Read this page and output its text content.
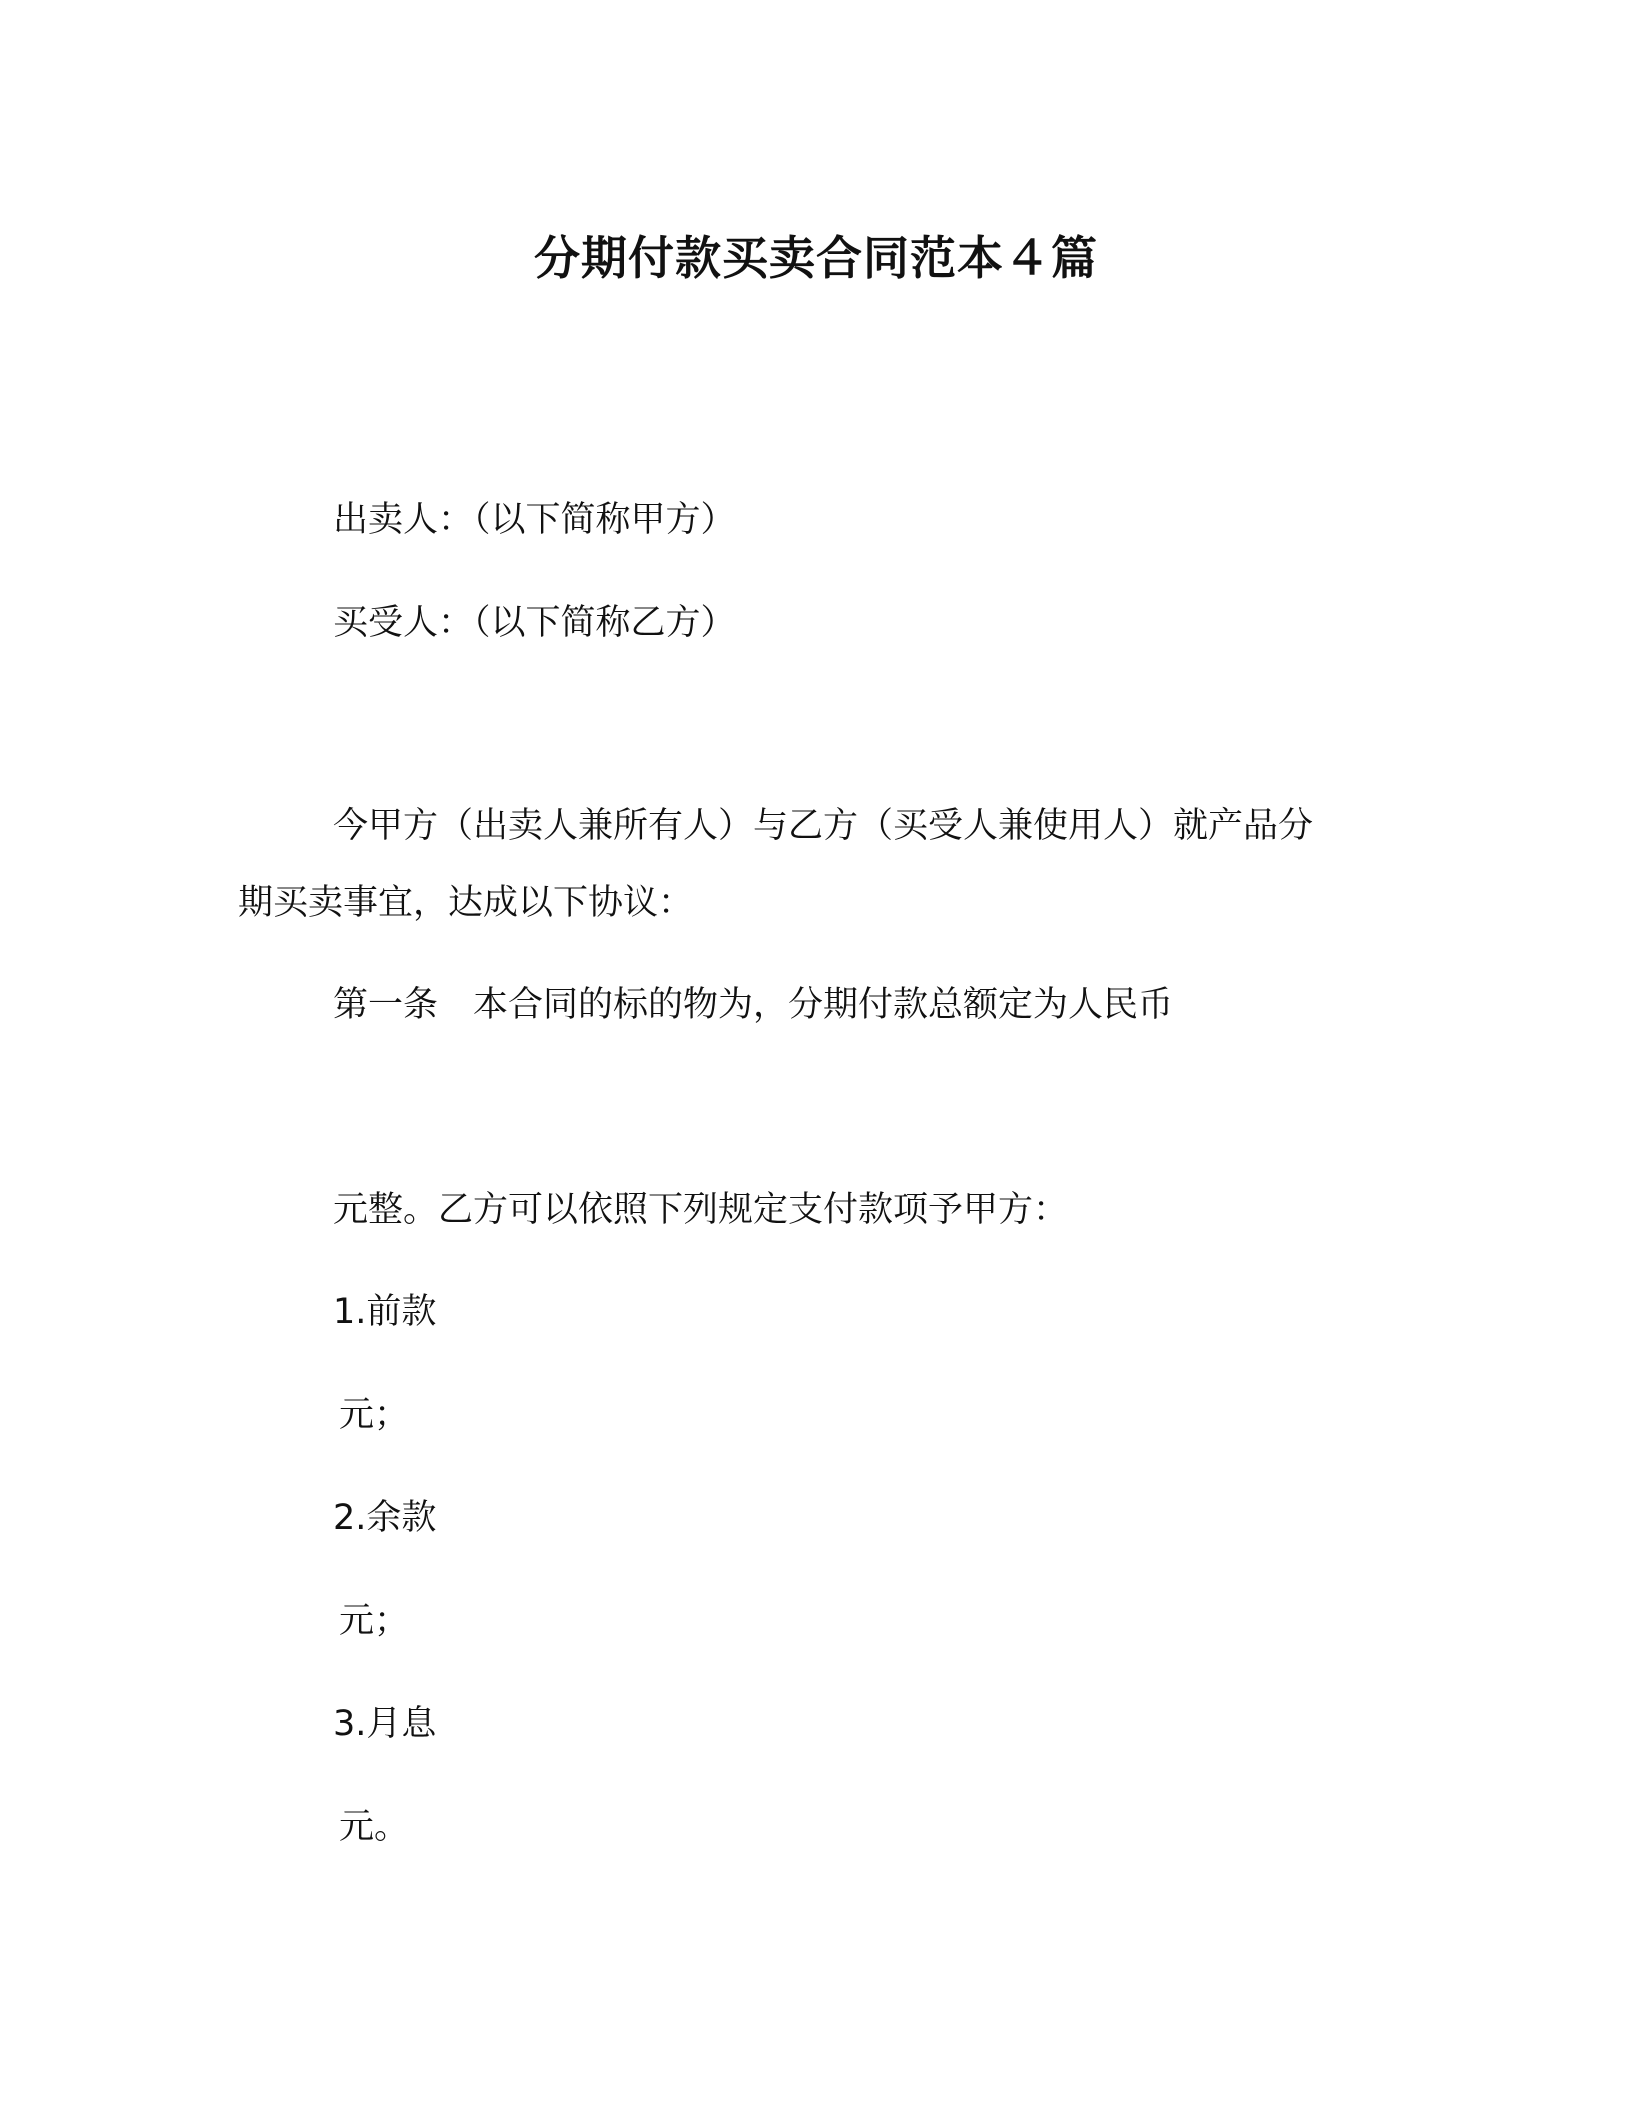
分期付款买卖合同范本４篇
出卖人：（以下简称甲方）
买受人：（以下简称乙方）
今甲方（出卖人兼所有人）与乙方（买受人兼使用人）就产品分
期买卖事宜，达成以下协议：
第一条　本合同的标的物为，分期付款总额定为人民币
元整。乙方可以依照下列规定支付款项予甲方：
1.前款
元；
2.余款
元；
3.月息
元。
